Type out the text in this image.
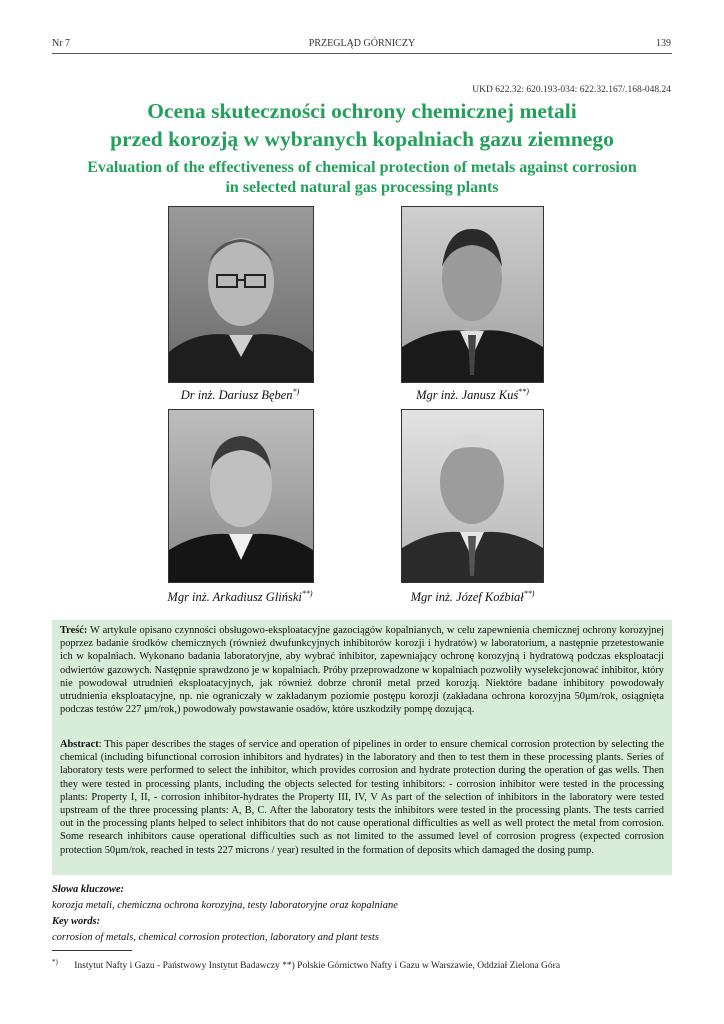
Nr 7	PRZEGLĄD GÓRNICZY	139
UKD 622.32: 620.193-034: 622.32.167/.168-048.24
Ocena skuteczności ochrony chemicznej metali
przed korozją w wybranych kopalniach gazu ziemnego
Evaluation of the effectiveness of chemical protection of metals against corrosion
in selected natural gas processing plants
Dr inż. Dariusz Bęben*)	Mgr inż. Janusz Kuś**)
Mgr inż. Arkadiusz Gliński**)	Mgr inż. Józef Koźbiał**)
Treść: W artykule opisano czynności obsługowo-eksploatacyjne gazociągów kopalnianych, w celu zapewnienia chemicznej ochrony korozyjnej poprzez badanie środków chemicznych (również dwufunkcyjnych inhibitorów korozji i hydratów) w laboratorium, a następnie przetestowanie ich w kopalniach. Wykonano badania laboratoryjne, aby wybrać inhibitor, zapewniający ochronę korozyjną i hydratową podczas eksploatacji odwiertów gazowych. Następnie sprawdzono je w kopalniach. Próby przeprowadzone w kopalniach pozwoliły wyselekcjonować inhibitor, który nie powodował utrudnień eksploatacyjnych, jak również dobrze chronił metal przed korozją. Niektóre badane inhibitory powodowały utrudnienia eksploatacyjne, np. nie ograniczały w zakładanym poziomie postępu korozji (zakładana ochrona korozyjna 50μm/rok, osiągnięta podczas testów 227 μm/rok,) powodowały powstawanie osadów, które uszkodziły pompę dozującą.
Abstract: This paper describes the stages of service and operation of pipelines in order to ensure chemical corrosion protection by selecting the chemical (including bifunctional corrosion inhibitors and hydrates) in the laboratory and then to test them in these processing plants. Series of laboratory tests were performed to select the inhibitor, which provides corrosion and hydrate protection during the operation of gas wells. Then they were tested in processing plants, including the objects selected for testing inhibitors: - corrosion inhibitor were tested in the processing plants: Property I, II, - corrosion inhibitor-hydrates the Property III, IV, V As part of the selection of inhibitors in the laboratory were tested upstream of the three processing plants: A, B, C. After the laboratory tests the inhibitors were tested in the processing plants. The tests carried out in the processing plants helped to select inhibitors that do not cause operational difficulties as well as well protect the metal from corrosion. Some research inhibitors cause operational difficulties such as not limited to the assumed level of corrosion progress (expected corrosion protection 50μm/rok, reached in tests 227 microns / year) resulted in the formation of deposits which damaged the dosing pump.
Słowa kluczowe:
korozja metali, chemiczna ochrona korozyjna, testy laboratoryjne oraz kopalniane
Key words:
corrosion of metals, chemical corrosion protection, laboratory and plant tests
*) Instytut Nafty i Gazu - Państwowy Instytut Badawczy **) Polskie Górnictwo Nafty i Gazu w Warszawie, Oddział Zielona Góra
